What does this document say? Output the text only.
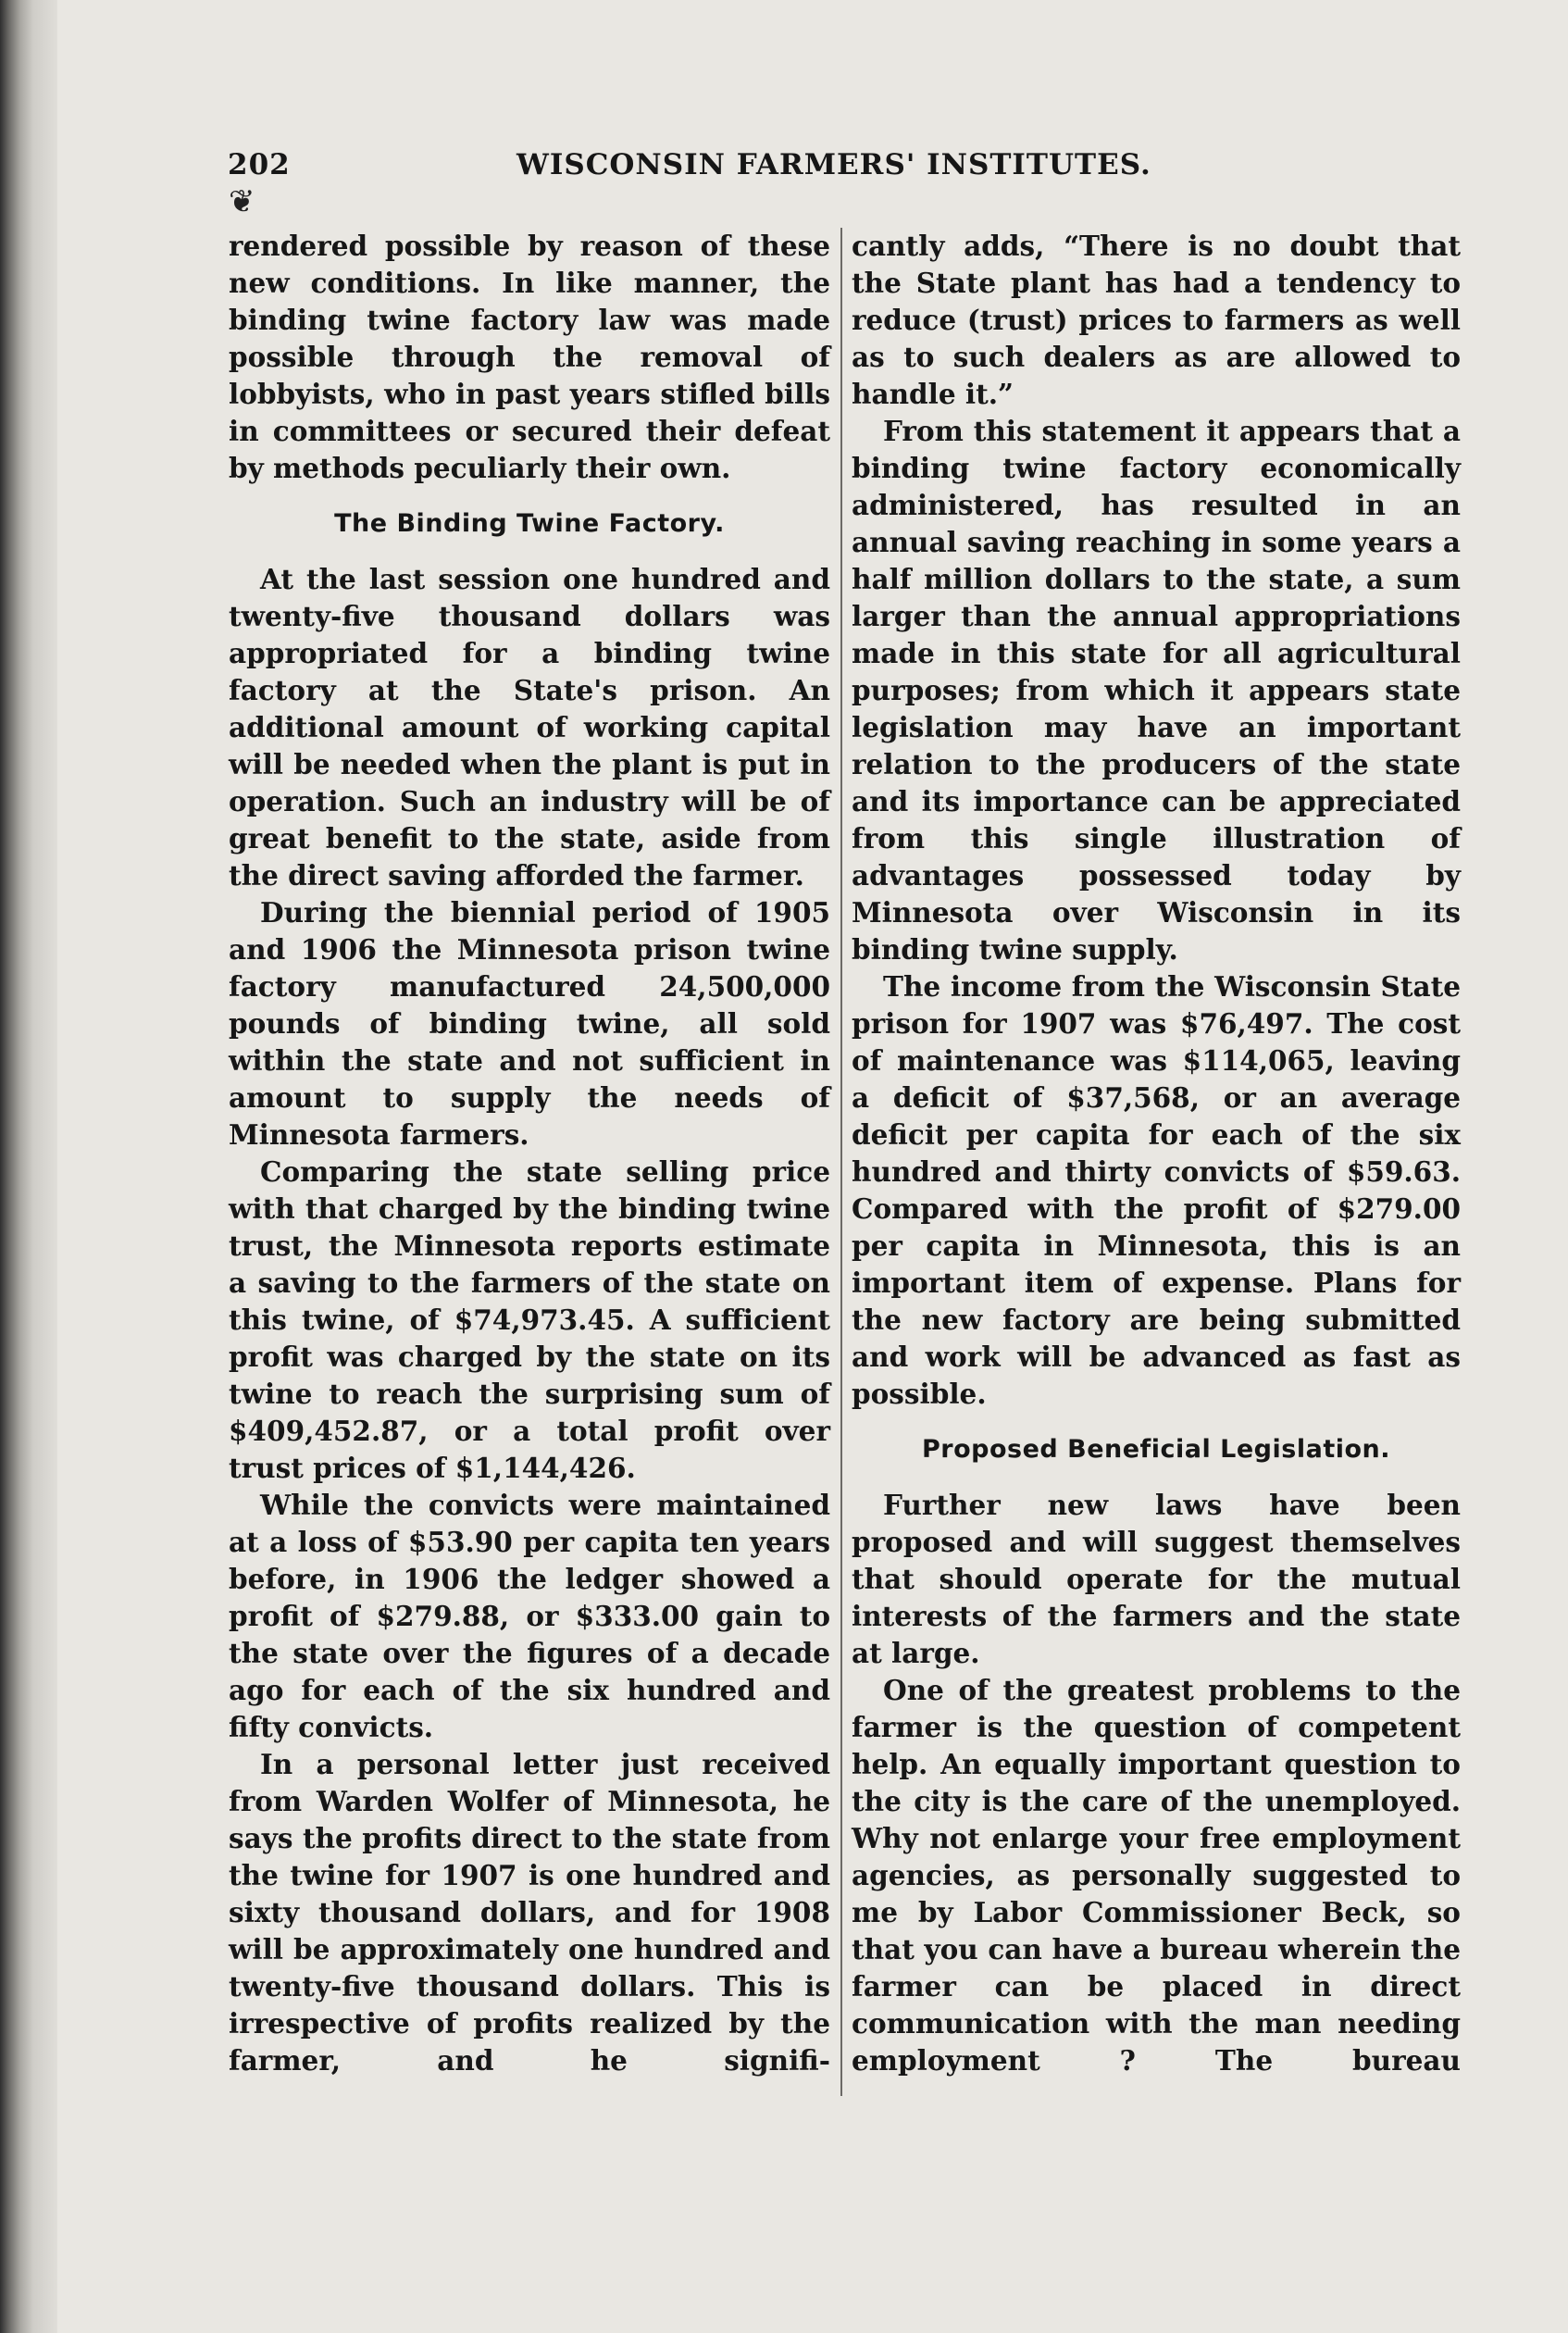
202	WISCONSIN FARMERS' INSTITUTES.
❦

rendered possible by reason of these new conditions. In like manner, the binding twine factory law was made possible through the removal of lobbyists, who in past years stifled bills in committees or secured their defeat by methods peculiarly their own.

The Binding Twine Factory.

At the last session one hundred and twenty-five thousand dollars was appropriated for a binding twine factory at the State's prison. An additional amount of working capital will be needed when the plant is put in operation. Such an industry will be of great benefit to the state, aside from the direct saving afforded the farmer.

During the biennial period of 1905 and 1906 the Minnesota prison twine factory manufactured 24,500,000 pounds of binding twine, all sold within the state and not sufficient in amount to supply the needs of Minnesota farmers.

Comparing the state selling price with that charged by the binding twine trust, the Minnesota reports estimate a saving to the farmers of the state on this twine, of $74,973.45. A sufficient profit was charged by the state on its twine to reach the surprising sum of $409,452.87, or a total profit over trust prices of $1,144,426.

While the convicts were maintained at a loss of $53.90 per capita ten years before, in 1906 the ledger showed a profit of $279.88, or $333.00 gain to the state over the figures of a decade ago for each of the six hundred and fifty convicts.

In a personal letter just received from Warden Wolfer of Minnesota, he says the profits direct to the state from the twine for 1907 is one hundred and sixty thousand dollars, and for 1908 will be approximately one hundred and twenty-five thousand dollars. This is irrespective of profits realized by the farmer, and he signifi-

cantly adds, “There is no doubt that the State plant has had a tendency to reduce (trust) prices to farmers as well as to such dealers as are allowed to handle it.”

From this statement it appears that a binding twine factory economically administered, has resulted in an annual saving reaching in some years a half million dollars to the state, a sum larger than the annual appropriations made in this state for all agricultural purposes; from which it appears state legislation may have an important relation to the producers of the state and its importance can be appreciated from this single illustration of advantages possessed today by Minnesota over Wisconsin in its binding twine supply.

The income from the Wisconsin State prison for 1907 was $76,497. The cost of maintenance was $114,065, leaving a deficit of $37,568, or an average deficit per capita for each of the six hundred and thirty convicts of $59.63. Compared with the profit of $279.00 per capita in Minnesota, this is an important item of expense. Plans for the new factory are being submitted and work will be advanced as fast as possible.

Proposed Beneficial Legislation.

Further new laws have been proposed and will suggest themselves that should operate for the mutual interests of the farmers and the state at large.

One of the greatest problems to the farmer is the question of competent help. An equally important question to the city is the care of the unemployed. Why not enlarge your free employment agencies, as personally suggested to me by Labor Commissioner Beck, so that you can have a bureau wherein the farmer can be placed in direct communication with the man needing employment ? The bureau
